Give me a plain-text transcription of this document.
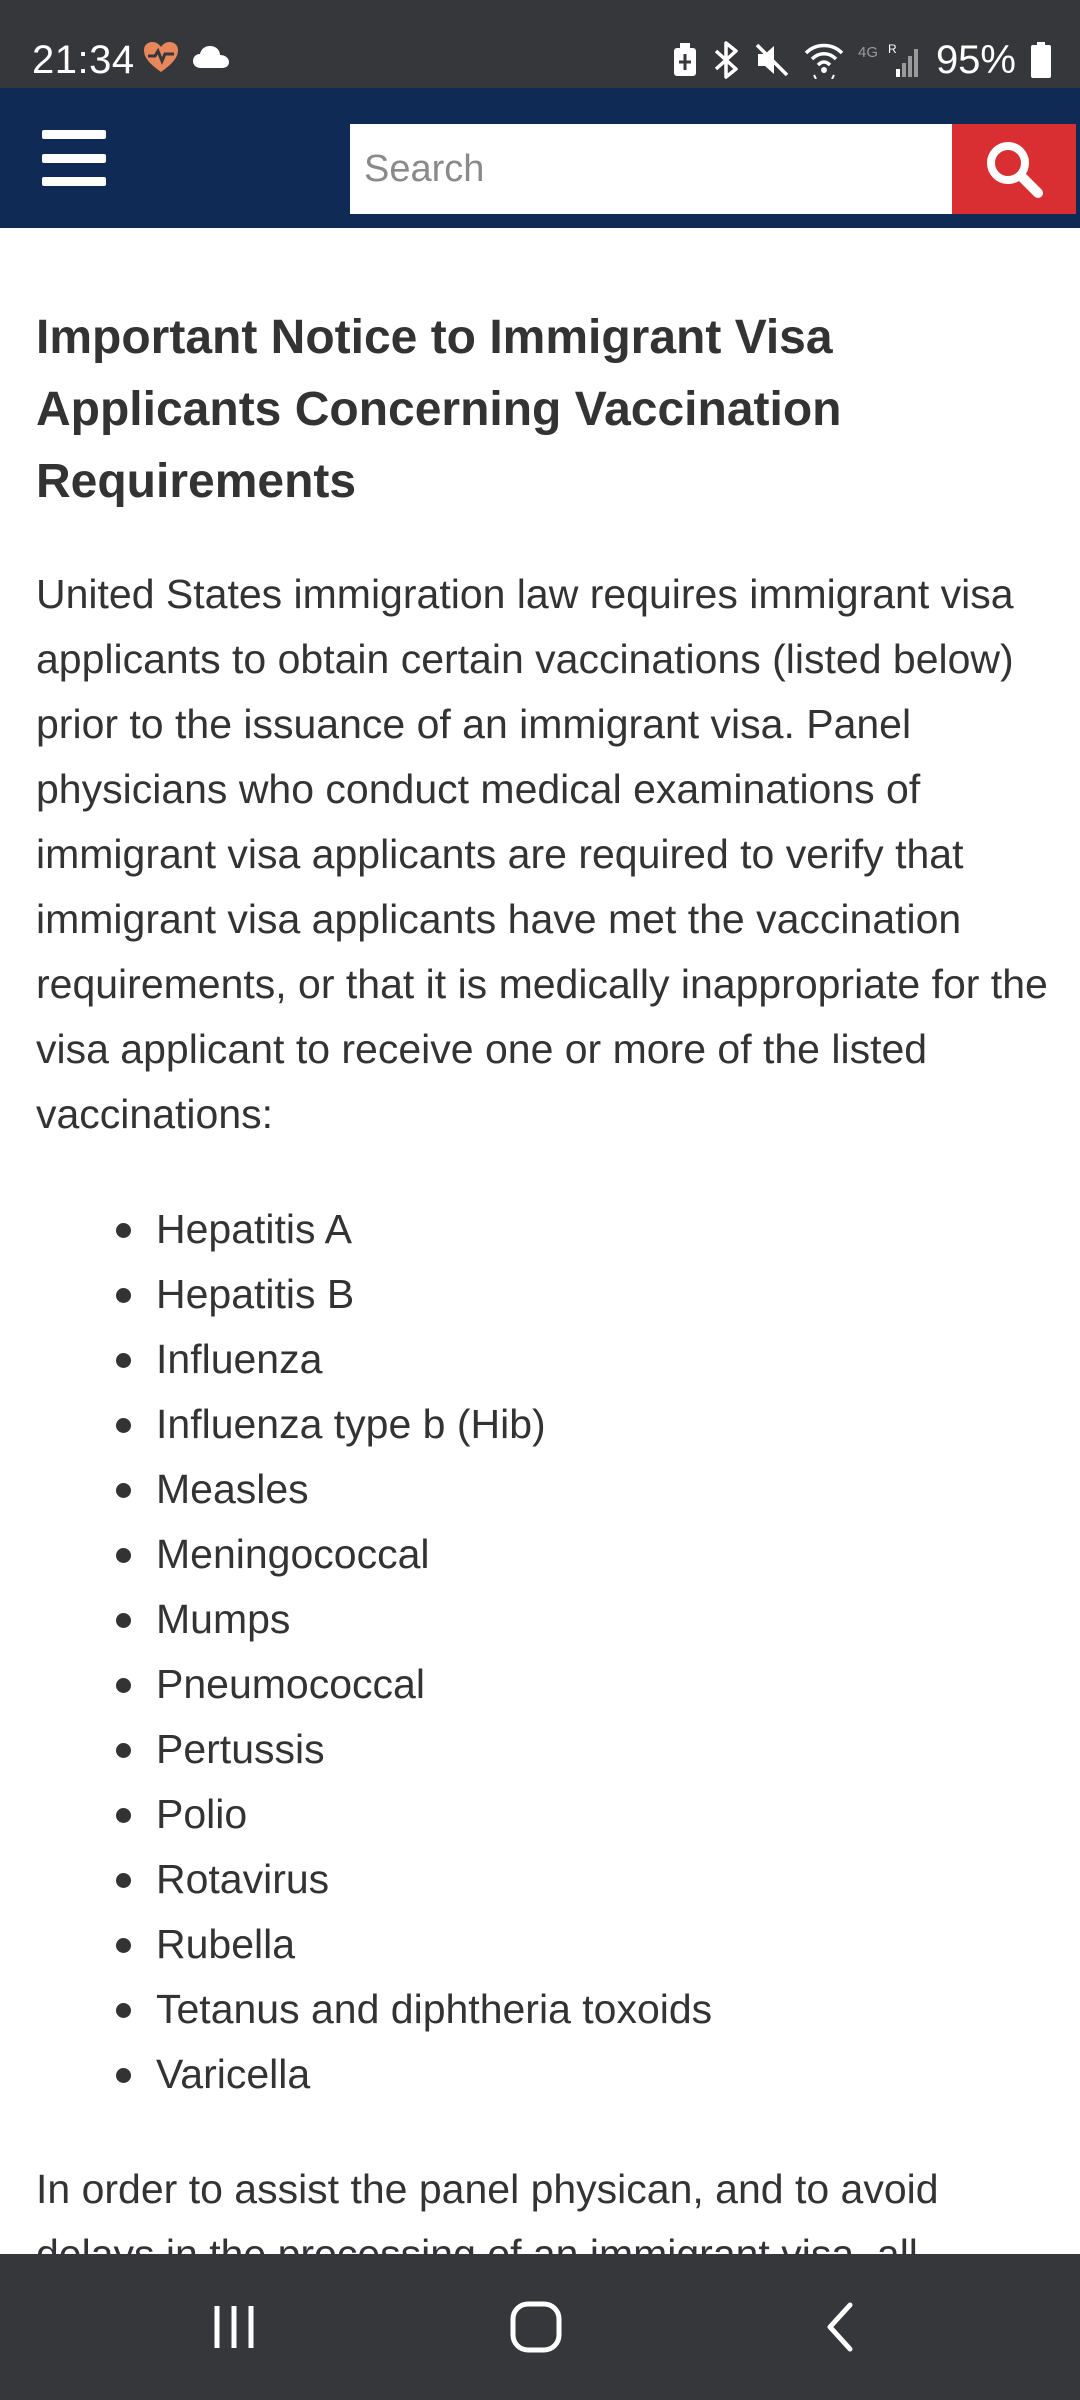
21:34	4G R 95%
Search
Important Notice to Immigrant Visa Applicants Concerning Vaccination Requirements

United States immigration law requires immigrant visa applicants to obtain certain vaccinations (listed below) prior to the issuance of an immigrant visa. Panel physicians who conduct medical examinations of immigrant visa applicants are required to verify that immigrant visa applicants have met the vaccination requirements, or that it is medically inappropriate for the visa applicant to receive one or more of the listed vaccinations:

Hepatitis A
Hepatitis B
Influenza
Influenza type b (Hib)
Measles
Meningococcal
Mumps
Pneumococcal
Pertussis
Polio
Rotavirus
Rubella
Tetanus and diphtheria toxoids
Varicella

In order to assist the panel physican, and to avoid
